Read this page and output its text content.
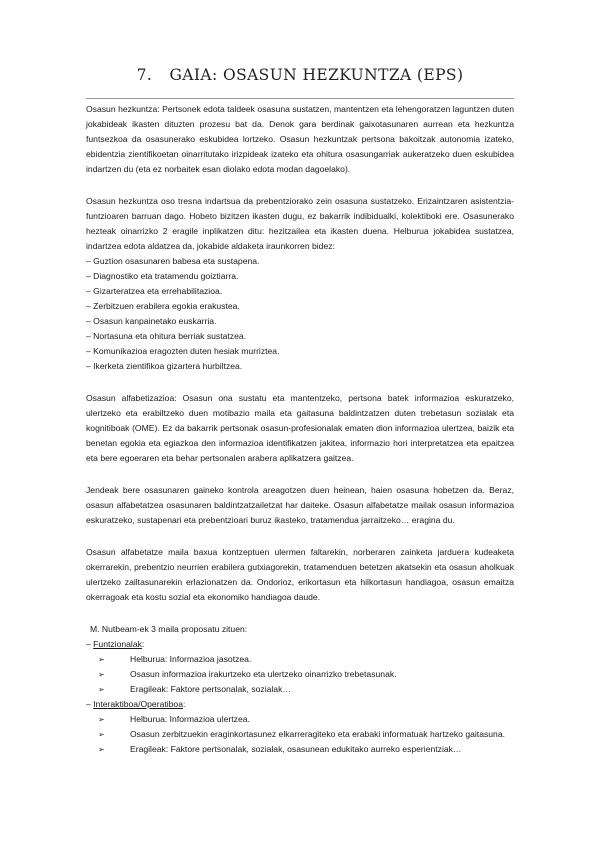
7. GAIA: OSASUN HEZKUNTZA (EPS)

Osasun hezkuntza: Pertsonek edota taldeek osasuna sustatzen, mantentzen eta lehengoratzen laguntzen duten jokabideak ikasten dituzten prozesu bat da. Denok gara berdinak gaixotasunaren aurrean eta hezkuntza funtsezkoa da osasunerako eskubidea lortzeko. Osasun hezkuntzak pertsona bakoitzak autonomia izateko, ebidentzia zientifikoetan oinarritutako irizpideak izateko eta ohitura osasungarriak aukeratzeko duen eskubidea indartzen du (eta ez norbaitek esan diolako edota modan dagoelako).

Osasun hezkuntza oso tresna indartsua da prebentziorako zein osasuna sustatzeko. Erizaintzaren asistentzia-funtzioaren barruan dago. Hobeto bizitzen ikasten dugu, ez bakarrik indibidualki, kolektiboki ere. Osasunerako hezteak oinarrizko 2 eragile inplikatzen ditu: hezitzailea eta ikasten duena. Helburua jokabidea sustatzea, indartzea edota aldatzea da, jokabide aldaketa iraunkorren bidez:

– Guztion osasunaren babesa eta sustapena.
– Diagnostiko eta tratamendu goiztiarra.
– Gizarteratzea eta errehabilitazioa.
– Zerbitzuen erabilera egokia erakustea.
– Osasun kanpainetako euskarria.
– Nortasuna eta ohitura berriak sustatzea.
– Komunikazioa eragozten duten hesiak murriztea.
– Ikerketa zientifikoa gizartera hurbiltzea.

Osasun alfabetizazioa: Osasun ona sustatu eta mantentzeko, pertsona batek informazioa eskuratzeko, ulertzeko eta erabiltzeko duen motibazio maila eta gaitasuna baldintzatzen duten trebetasun sozialak eta kognitiboak (OME). Ez da bakarrik pertsonak osasun-profesionalak ematen dion informazioa ulertzea, baizik eta benetan egokia eta egiazkoa den informazioa identifikatzen jakitea, informazio hori interpretatzea eta epaitzea eta bere egoeraren eta behar pertsonalen arabera aplikatzera gaitzea.

Jendeak bere osasunaren gaineko kontrola areagotzen duen heinean, haien osasuna hobetzen da. Beraz, osasun alfabetatzea osasunaren baldintzatzailetzat har daiteke. Osasun alfabetatze mailak osasun informazioa eskuratzeko, sustapenari eta prebentzioari buruz ikasteko, tratamendua jarraitzeko… eragina du.

Osasun alfabetatze maila baxua kontzeptuen ulermen faltarekin, norberaren zainketa jarduera kudeaketa okerrarekin, prebentzio neurrien erabilera gutxiagorekin, tratamenduen betetzen akatsekin eta osasun aholkuak ulertzeko zailtasunarekin erlazionatzen da. Ondorioz, erikortasun eta hilkortasun handiagoa, osasun emaitza okerragoak eta kostu sozial eta ekonomiko handiagoa daude.

M. Nutbeam-ek 3 maila proposatu zituen:
– Funtzionalak:
➢	Helburua: Informazioa jasotzea.
➢	Osasun informazioa irakurtzeko eta ulertzeko oinarrizko trebetasunak.
➢	Eragileak: Faktore pertsonalak, sozialak…
– Interaktiboa/Operatiboa:
➢	Helburua: Informazioa ulertzea.
➢	Osasun zerbitzuekin eraginkortasunez elkarreragiteko eta erabaki informatuak hartzeko gaitasuna.
➢	Eragileak: Faktore pertsonalak, sozialak, osasunean edukitako aurreko esperientziak…
